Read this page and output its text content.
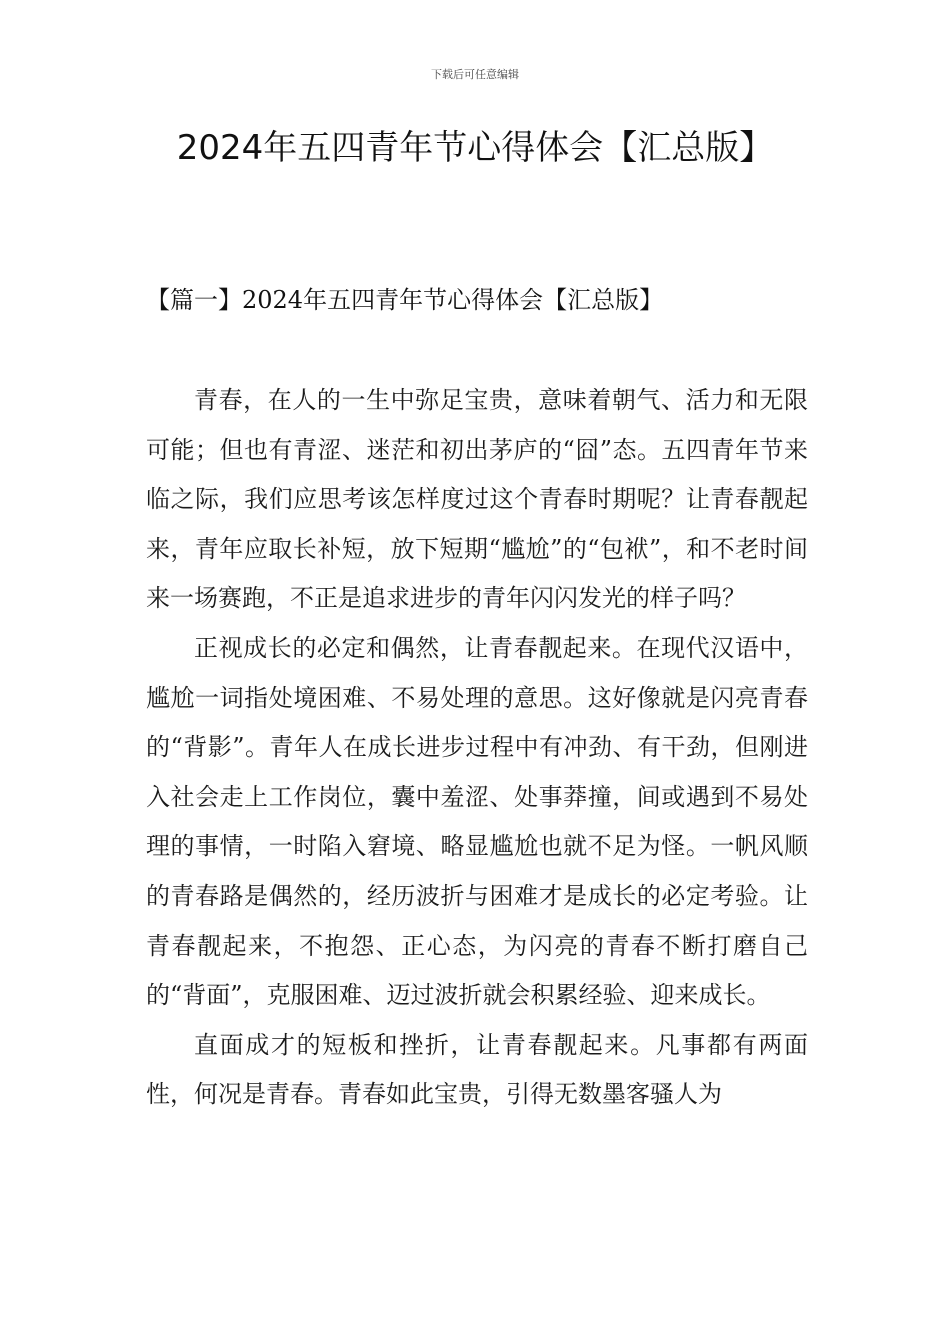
下载后可任意编辑
2024年五四青年节心得体会【汇总版】
【篇一】2024年五四青年节心得体会【汇总版】

青春，在人的一生中弥足宝贵，意味着朝气、活力和无限可能；但也有青涩、迷茫和初出茅庐的“囧”态。五四青年节来临之际，我们应思考该怎样度过这个青春时期呢？让青春靓起来，青年应取长补短，放下短期“尴尬”的“包袱”，和不老时间来一场赛跑，不正是追求进步的青年闪闪发光的样子吗？

正视成长的必定和偶然，让青春靓起来。在现代汉语中，尴尬一词指处境困难、不易处理的意思。这好像就是闪亮青春的“背影”。青年人在成长进步过程中有冲劲、有干劲，但刚进入社会走上工作岗位，囊中羞涩、处事莽撞，间或遇到不易处理的事情，一时陷入窘境、略显尴尬也就不足为怪。一帆风顺的青春路是偶然的，经历波折与困难才是成长的必定考验。让青春靓起来，不抱怨、正心态，为闪亮的青春不断打磨自己的“背面”，克服困难、迈过波折就会积累经验、迎来成长。

直面成才的短板和挫折，让青春靓起来。凡事都有两面性，何况是青春。青春如此宝贵，引得无数墨客骚人为
